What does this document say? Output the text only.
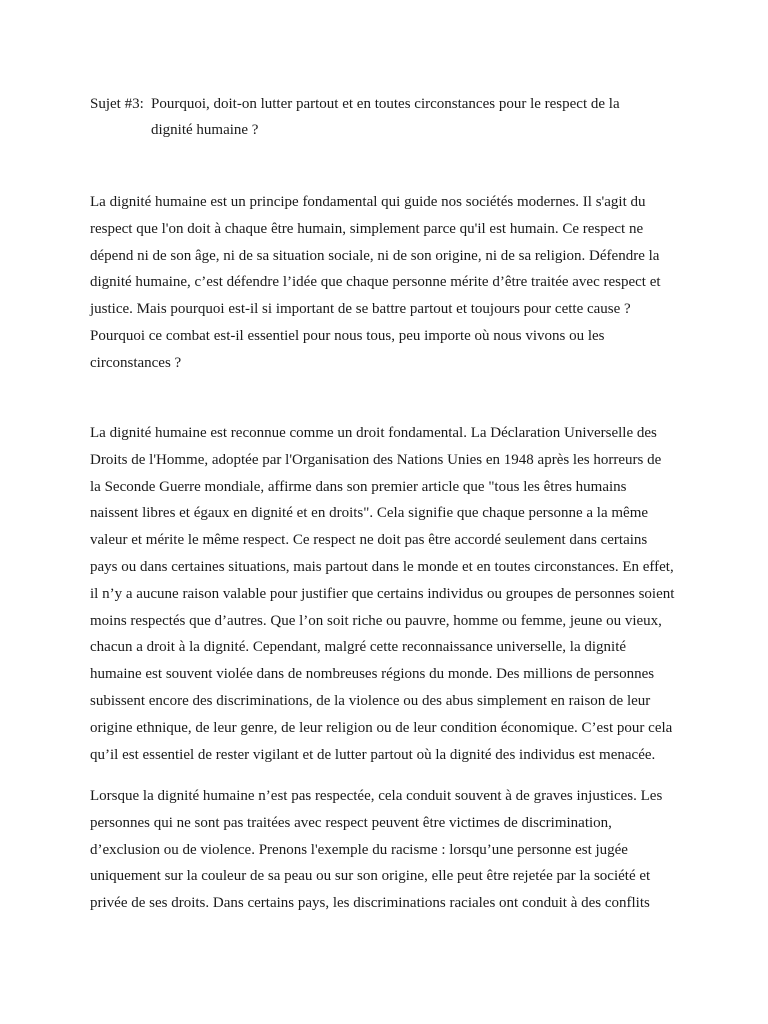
Sujet #3: Pourquoi, doit-on lutter partout et en toutes circonstances pour le respect de la
dignité humaine ?

La dignité humaine est un principe fondamental qui guide nos sociétés modernes. Il s'agit du
respect que l'on doit à chaque être humain, simplement parce qu'il est humain. Ce respect ne
dépend ni de son âge, ni de sa situation sociale, ni de son origine, ni de sa religion. Défendre la
dignité humaine, c’est défendre l’idée que chaque personne mérite d’être traitée avec respect et
justice. Mais pourquoi est-il si important de se battre partout et toujours pour cette cause ?
Pourquoi ce combat est-il essentiel pour nous tous, peu importe où nous vivons ou les
circonstances ?

La dignité humaine est reconnue comme un droit fondamental. La Déclaration Universelle des
Droits de l'Homme, adoptée par l'Organisation des Nations Unies en 1948 après les horreurs de
la Seconde Guerre mondiale, affirme dans son premier article que "tous les êtres humains
naissent libres et égaux en dignité et en droits". Cela signifie que chaque personne a la même
valeur et mérite le même respect. Ce respect ne doit pas être accordé seulement dans certains
pays ou dans certaines situations, mais partout dans le monde et en toutes circonstances. En effet,
il n’y a aucune raison valable pour justifier que certains individus ou groupes de personnes soient
moins respectés que d’autres. Que l’on soit riche ou pauvre, homme ou femme, jeune ou vieux,
chacun a droit à la dignité. Cependant, malgré cette reconnaissance universelle, la dignité
humaine est souvent violée dans de nombreuses régions du monde. Des millions de personnes
subissent encore des discriminations, de la violence ou des abus simplement en raison de leur
origine ethnique, de leur genre, de leur religion ou de leur condition économique. C’est pour cela
qu’il est essentiel de rester vigilant et de lutter partout où la dignité des individus est menacée.

Lorsque la dignité humaine n’est pas respectée, cela conduit souvent à de graves injustices. Les
personnes qui ne sont pas traitées avec respect peuvent être victimes de discrimination,
d’exclusion ou de violence. Prenons l'exemple du racisme : lorsqu’une personne est jugée
uniquement sur la couleur de sa peau ou sur son origine, elle peut être rejetée par la société et
privée de ses droits. Dans certains pays, les discriminations raciales ont conduit à des conflits
